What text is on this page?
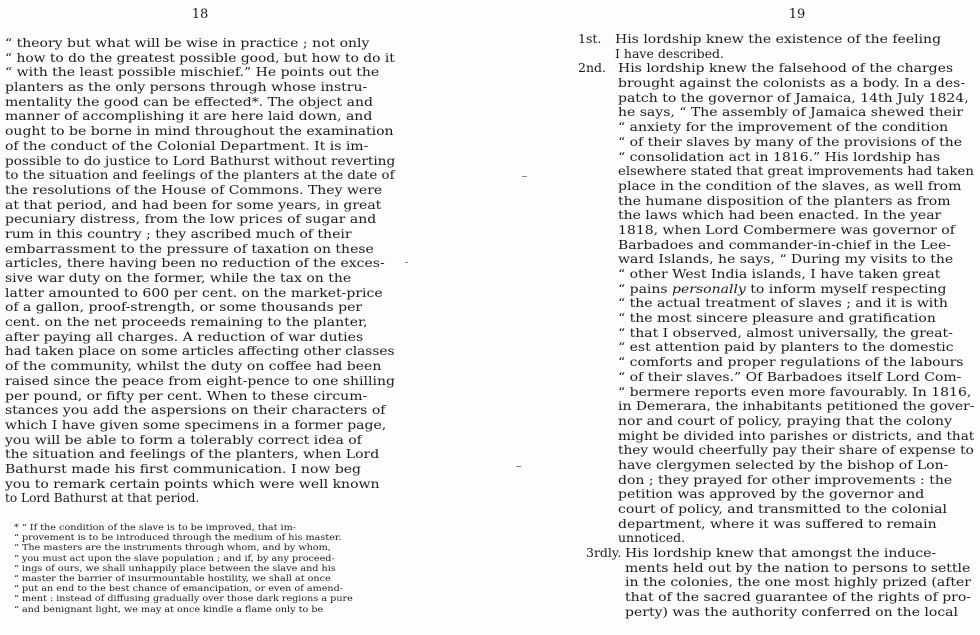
18	19
“ theory but what will be wise in practice ; not only
“ how to do the greatest possible good, but how to do it
“ with the least possible mischief.” He points out the
planters as the only persons through whose instru-
mentality the good can be effected*. The object and
manner of accomplishing it are here laid down, and
ought to be borne in mind throughout the examination
of the conduct of the Colonial Department. It is im-
possible to do justice to Lord Bathurst without reverting
to the situation and feelings of the planters at the date of
the resolutions of the House of Commons. They were
at that period, and had been for some years, in great
pecuniary distress, from the low prices of sugar and
rum in this country ; they ascribed much of their
embarrassment to the pressure of taxation on these
articles, there having been no reduction of the exces-
sive war duty on the former, while the tax on the
latter amounted to 600 per cent. on the market-price
of a gallon, proof-strength, or some thousands per
cent. on the net proceeds remaining to the planter,
after paying all charges. A reduction of war duties
had taken place on some articles affecting other classes
of the community, whilst the duty on coffee had been
raised since the peace from eight-pence to one shilling
per pound, or fifty per cent. When to these circum-
stances you add the aspersions on their characters of
which I have given some specimens in a former page,
you will be able to form a tolerably correct idea of
the situation and feelings of the planters, when Lord
Bathurst made his first communication. I now beg
you to remark certain points which were well known
to Lord Bathurst at that period.
* “ If the condition of the slave is to be improved, that im-
“ provement is to be introduced through the medium of his master.
“ The masters are the instruments through whom, and by whom,
“ you must act upon the slave population ; and if, by any proceed-
“ ings of ours, we shall unhappily place between the slave and his
“ master the barrier of insurmountable hostility, we shall at once
“ put an end to the best chance of emancipation, or even of amend-
“ ment : instead of diffusing gradually over those dark regions a pure
“ and benignant light, we may at once kindle a flame only to be
1st. His lordship knew the existence of the feeling
I have described.
2nd. His lordship knew the falsehood of the charges
brought against the colonists as a body. In a des-
patch to the governor of Jamaica, 14th July 1824,
he says, “ The assembly of Jamaica shewed their
“ anxiety for the improvement of the condition
“ of their slaves by many of the provisions of the
“ consolidation act in 1816.” His lordship has
elsewhere stated that great improvements had taken
place in the condition of the slaves, as well from
the humane disposition of the planters as from
the laws which had been enacted. In the year
1818, when Lord Combermere was governor of
Barbadoes and commander-in-chief in the Lee-
ward Islands, he says, “ During my visits to the
“ other West India islands, I have taken great
“ pains personally to inform myself respecting
“ the actual treatment of slaves ; and it is with
“ the most sincere pleasure and gratification
“ that I observed, almost universally, the great-
“ est attention paid by planters to the domestic
“ comforts and proper regulations of the labours
“ of their slaves.” Of Barbadoes itself Lord Com-
“ bermere reports even more favourably. In 1816,
in Demerara, the inhabitants petitioned the gover-
nor and court of policy, praying that the colony
might be divided into parishes or districts, and that
they would cheerfully pay their share of expense to
have clergymen selected by the bishop of Lon-
don ; they prayed for other improvements : the
petition was approved by the governor and
court of policy, and transmitted to the colonial
department, where it was suffered to remain
unnoticed.
3rdly. His lordship knew that amongst the induce-
ments held out by the nation to persons to settle
in the colonies, the one most highly prized (after
that of the sacred guarantee of the rights of pro-
perty) was the authority conferred on the local
